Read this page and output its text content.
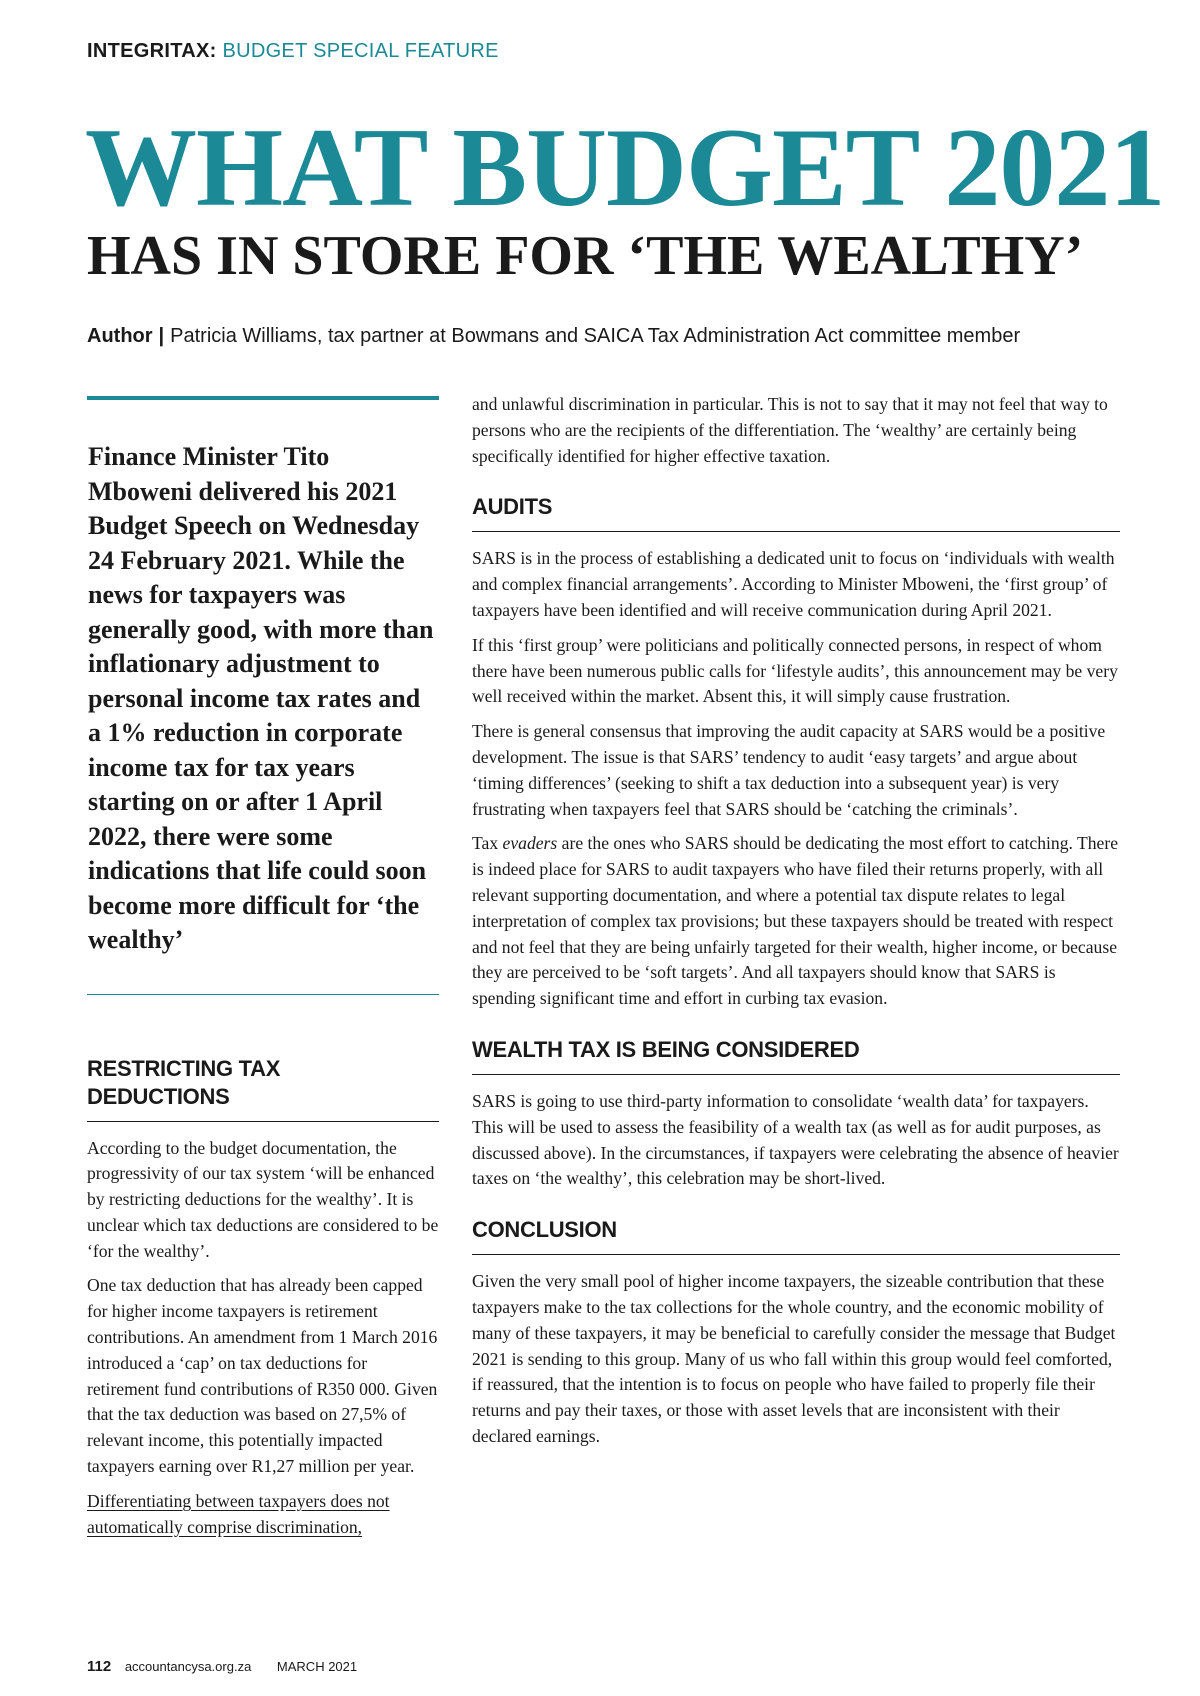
INTEGRITAX: BUDGET SPECIAL FEATURE
WHAT BUDGET 2021
HAS IN STORE FOR ‘THE WEALTHY’
Author | Patricia Williams, tax partner at Bowmans and SAICA Tax Administration Act committee member

Finance Minister Tito Mboweni delivered his 2021 Budget Speech on Wednesday 24 February 2021. While the news for taxpayers was generally good, with more than inflationary adjustment to personal income tax rates and a 1% reduction in corporate income tax for tax years starting on or after 1 April 2022, there were some indications that life could soon become more difficult for ‘the wealthy’

RESTRICTING TAX
DEDUCTIONS

According to the budget documentation, the progressivity of our tax system ‘will be enhanced by restricting deductions for the wealthy’. It is unclear which tax deductions are considered to be ‘for the wealthy’.

One tax deduction that has already been capped for higher income taxpayers is retirement contributions. An amendment from 1 March 2016 introduced a ‘cap’ on tax deductions for retirement fund contributions of R350 000. Given that the tax deduction was based on 27,5% of relevant income, this potentially impacted taxpayers earning over R1,27 million per year.

Differentiating between taxpayers does not automatically comprise discrimination,

and unlawful discrimination in particular. This is not to say that it may not feel that way to persons who are the recipients of the differentiation. The ‘wealthy’ are certainly being specifically identified for higher effective taxation.

AUDITS

SARS is in the process of establishing a dedicated unit to focus on ‘individuals with wealth and complex financial arrangements’. According to Minister Mboweni, the ‘first group’ of taxpayers have been identified and will receive communication during April 2021.

If this ‘first group’ were politicians and politically connected persons, in respect of whom there have been numerous public calls for ‘lifestyle audits’, this announcement may be very well received within the market. Absent this, it will simply cause frustration.

There is general consensus that improving the audit capacity at SARS would be a positive development. The issue is that SARS’ tendency to audit ‘easy targets’ and argue about ‘timing differences’ (seeking to shift a tax deduction into a subsequent year) is very frustrating when taxpayers feel that SARS should be ‘catching the criminals’.

Tax evaders are the ones who SARS should be dedicating the most effort to catching. There is indeed place for SARS to audit taxpayers who have filed their returns properly, with all relevant supporting documentation, and where a potential tax dispute relates to legal interpretation of complex tax provisions; but these taxpayers should be treated with respect and not feel that they are being unfairly targeted for their wealth, higher income, or because they are perceived to be ‘soft targets’. And all taxpayers should know that SARS is spending significant time and effort in curbing tax evasion.

WEALTH TAX IS BEING CONSIDERED

SARS is going to use third-party information to consolidate ‘wealth data’ for taxpayers. This will be used to assess the feasibility of a wealth tax (as well as for audit purposes, as discussed above). In the circumstances, if taxpayers were celebrating the absence of heavier taxes on ‘the wealthy’, this celebration may be short-lived.

CONCLUSION

Given the very small pool of higher income taxpayers, the sizeable contribution that these taxpayers make to the tax collections for the whole country, and the economic mobility of many of these taxpayers, it may be beneficial to carefully consider the message that Budget 2021 is sending to this group. Many of us who fall within this group would feel comforted, if reassured, that the intention is to focus on people who have failed to properly file their returns and pay their taxes, or those with asset levels that are inconsistent with their declared earnings.

112 accountancysa.org.za MARCH 2021
